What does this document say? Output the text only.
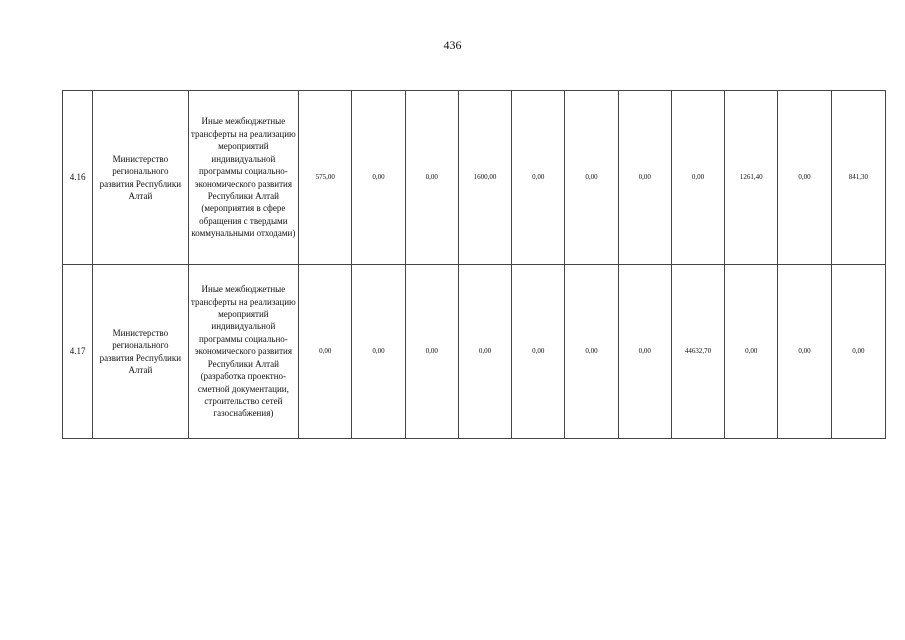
436
4.16	Министерство регионального развития Республики Алтай	Иные межбюджетные трансферты на реализацию мероприятий индивидуальной программы социально-экономического развития Республики Алтай (мероприятия в сфере обращения с твердыми коммунальными отходами)	575,00	0,00	0,00	1600,00	0,00	0,00	0,00	0,00	1261,40	0,00	841,30
4.17	Министерство регионального развития Республики Алтай	Иные межбюджетные трансферты на реализацию мероприятий индивидуальной программы социально-экономического развития Республики Алтай (разработка проектно-сметной документации, строительство сетей газоснабжения)	0,00	0,00	0,00	0,00	0,00	0,00	0,00	44632,70	0,00	0,00	0,00
